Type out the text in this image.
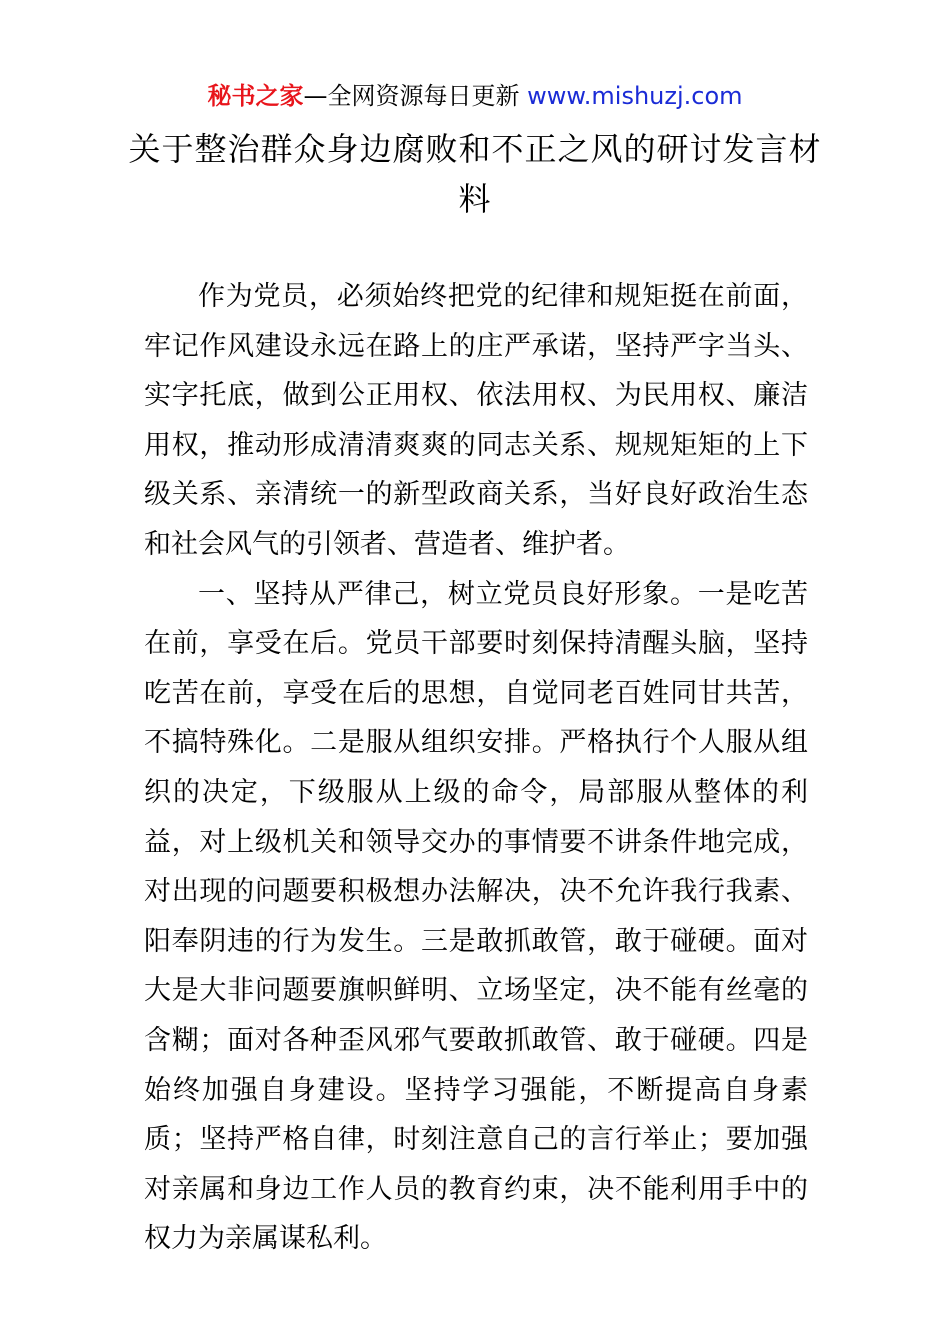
秘书之家—全网资源每日更新 www.mishuzj.com
关于整治群众身边腐败和不正之风的研讨发言材料

作为党员，必须始终把党的纪律和规矩挺在前面，牢记作风建设永远在路上的庄严承诺，坚持严字当头、实字托底，做到公正用权、依法用权、为民用权、廉洁用权，推动形成清清爽爽的同志关系、规规矩矩的上下级关系、亲清统一的新型政商关系，当好良好政治生态和社会风气的引领者、营造者、维护者。

一、坚持从严律己，树立党员良好形象。一是吃苦在前，享受在后。党员干部要时刻保持清醒头脑，坚持吃苦在前，享受在后的思想，自觉同老百姓同甘共苦，不搞特殊化。二是服从组织安排。严格执行个人服从组织的决定，下级服从上级的命令，局部服从整体的利益，对上级机关和领导交办的事情要不讲条件地完成，对出现的问题要积极想办法解决，决不允许我行我素、阳奉阴违的行为发生。三是敢抓敢管，敢于碰硬。面对大是大非问题要旗帜鲜明、立场坚定，决不能有丝毫的含糊；面对各种歪风邪气要敢抓敢管、敢于碰硬。四是始终加强自身建设。坚持学习强能，不断提高自身素质；坚持严格自律，时刻注意自己的言行举止；要加强对亲属和身边工作人员的教育约束，决不能利用手中的权力为亲属谋私利。
